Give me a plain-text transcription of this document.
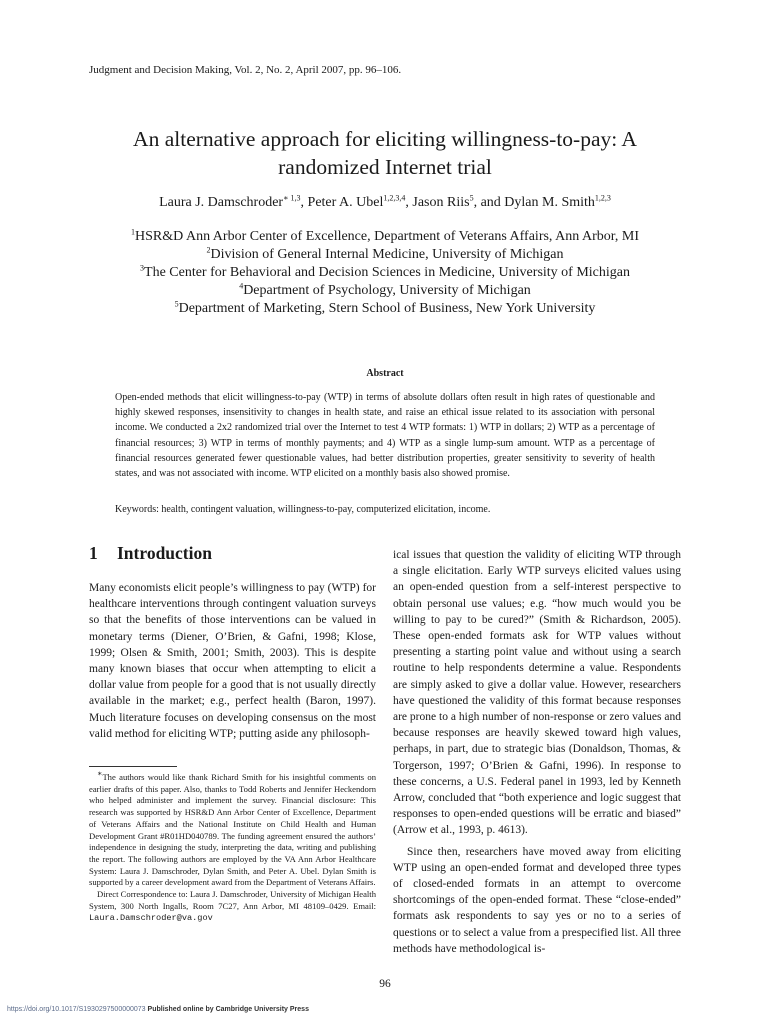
Judgment and Decision Making, Vol. 2, No. 2, April 2007, pp. 96–106.
An alternative approach for eliciting willingness-to-pay: A
randomized Internet trial
Laura J. Damschroder$^{∗ 1,3}$, Peter A. Ubel$^{1,2,3,4}$, Jason Riis$^5$, and Dylan M. Smith$^{1,2,3}$
$^1$HSR&D Ann Arbor Center of Excellence, Department of Veterans Affairs, Ann Arbor, MI
$^2$Division of General Internal Medicine, University of Michigan
$^3$The Center for Behavioral and Decision Sciences in Medicine, University of Michigan
$^4$Department of Psychology, University of Michigan
$^5$Department of Marketing, Stern School of Business, New York University
Abstract
Open-ended methods that elicit willingness-to-pay (WTP) in terms of absolute dollars often result in high rates of questionable and highly skewed responses, insensitivity to changes in health state, and raise an ethical issue related to its association with personal income. We conducted a 2x2 randomized trial over the Internet to test 4 WTP formats: 1) WTP in dollars; 2) WTP as a percentage of financial resources; 3) WTP in terms of monthly payments; and 4) WTP as a single lump-sum amount. WTP as a percentage of financial resources generated fewer questionable values, had better distribution properties, greater sensitivity to severity of health states, and was not associated with income. WTP elicited on a monthly basis also showed promise.
Keywords: health, contingent valuation, willingness-to-pay, computerized elicitation, income.
1 Introduction

Many economists elicit people’s willingness to pay (WTP) for healthcare interventions through contingent valuation surveys so that the benefits of those interventions can be valued in monetary terms (Diener, O’Brien, & Gafni, 1998; Klose, 1999; Olsen & Smith, 2001; Smith, 2003). This is despite many known biases that occur when attempting to elicit a dollar value from people for a good that is not usually directly available in the market; e.g., perfect health (Baron, 1997). Much literature focuses on developing consensus on the most valid method for eliciting WTP; putting aside any philosoph-

∗The authors would like thank Richard Smith for his insightful comments on earlier drafts of this paper. Also, thanks to Todd Roberts and Jennifer Heckendorn who helped administer and implement the survey. Financial disclosure: This research was supported by HSR&D Ann Arbor Center of Excellence, Department of Veterans Affairs and the National Institute on Child Health and Human Development Grant #R01HD040789. The funding agreement ensured the authors’ independence in designing the study, interpreting the data, writing and publishing the report. The following authors are employed by the VA Ann Arbor Healthcare System: Laura J. Damschroder, Dylan Smith, and Peter A. Ubel. Dylan Smith is supported by a career development award from the Department of Veterans Affairs.

Direct Correspondence to: Laura J. Damschroder, University of Michigan Health System, 300 North Ingalls, Room 7C27, Ann Arbor, MI 48109–0429. Email: Laura.Damschroder@va.gov

ical issues that question the validity of eliciting WTP through a single elicitation. Early WTP surveys elicited values using an open-ended question from a self-interest perspective to obtain personal use values; e.g. “how much would you be willing to pay to be cured?” (Smith & Richardson, 2005). These open-ended formats ask for WTP values without presenting a starting point value and without using a search routine to help respondents determine a value. Respondents are simply asked to give a dollar value. However, researchers have questioned the validity of this format because responses are prone to a high number of non-response or zero values and because responses are heavily skewed toward high values, perhaps, in part, due to strategic bias (Donaldson, Thomas, & Torgerson, 1997; O’Brien & Gafni, 1996). In response to these concerns, a U.S. Federal panel in 1993, led by Kenneth Arrow, concluded that “both experience and logic suggest that responses to open-ended questions will be erratic and biased” (Arrow et al., 1993, p. 4613).

Since then, researchers have moved away from eliciting WTP using an open-ended format and developed three types of closed-ended formats in an attempt to overcome shortcomings of the open-ended format. These “close-ended” formats ask respondents to say yes or no to a series of questions or to select a value from a prespecified list. All three methods have methodological is-

96
https://doi.org/10.1017/S1930297500000073 Published online by Cambridge University Press
